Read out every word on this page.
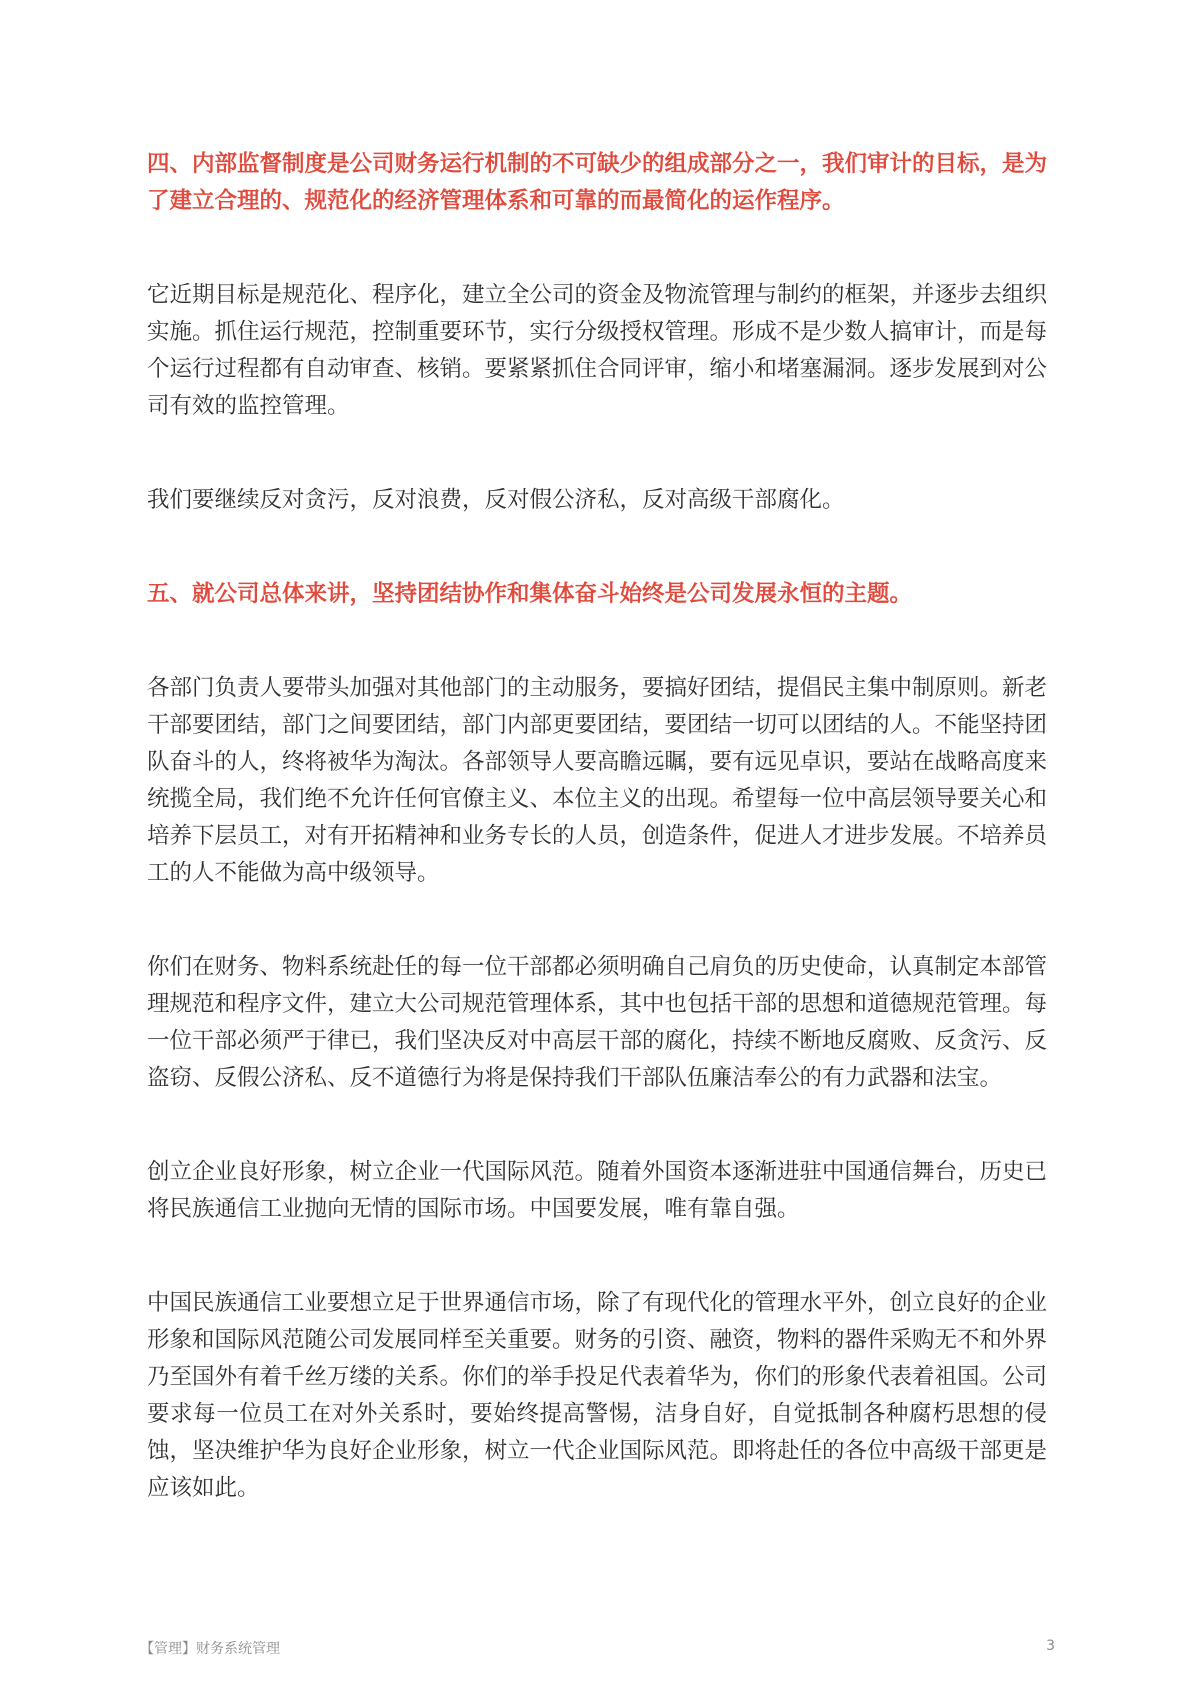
四、内部监督制度是公司财务运行机制的不可缺少的组成部分之一，我们审计的目标，是为了建立合理的、规范化的经济管理体系和可靠的而最简化的运作程序。

它近期目标是规范化、程序化，建立全公司的资金及物流管理与制约的框架，并逐步去组织实施。抓住运行规范，控制重要环节，实行分级授权管理。形成不是少数人搞审计，而是每个运行过程都有自动审查、核销。要紧紧抓住合同评审，缩小和堵塞漏洞。逐步发展到对公司有效的监控管理。

我们要继续反对贪污，反对浪费，反对假公济私，反对高级干部腐化。

五、就公司总体来讲，坚持团结协作和集体奋斗始终是公司发展永恒的主题。

各部门负责人要带头加强对其他部门的主动服务，要搞好团结，提倡民主集中制原则。新老干部要团结，部门之间要团结，部门内部更要团结，要团结一切可以团结的人。不能坚持团队奋斗的人，终将被华为淘汰。各部领导人要高瞻远瞩，要有远见卓识，要站在战略高度来统揽全局，我们绝不允许任何官僚主义、本位主义的出现。希望每一位中高层领导要关心和培养下层员工，对有开拓精神和业务专长的人员，创造条件，促进人才进步发展。不培养员工的人不能做为高中级领导。

你们在财务、物料系统赴任的每一位干部都必须明确自己肩负的历史使命，认真制定本部管理规范和程序文件，建立大公司规范管理体系，其中也包括干部的思想和道德规范管理。每一位干部必须严于律已，我们坚决反对中高层干部的腐化，持续不断地反腐败、反贪污、反盗窃、反假公济私、反不道德行为将是保持我们干部队伍廉洁奉公的有力武器和法宝。

创立企业良好形象，树立企业一代国际风范。随着外国资本逐渐进驻中国通信舞台，历史已将民族通信工业抛向无情的国际市场。中国要发展，唯有靠自强。

中国民族通信工业要想立足于世界通信市场，除了有现代化的管理水平外，创立良好的企业形象和国际风范随公司发展同样至关重要。财务的引资、融资，物料的器件采购无不和外界乃至国外有着千丝万缕的关系。你们的举手投足代表着华为，你们的形象代表着祖国。公司要求每一位员工在对外关系时，要始终提高警惕，洁身自好，自觉抵制各种腐朽思想的侵蚀，坚决维护华为良好企业形象，树立一代企业国际风范。即将赴任的各位中高级干部更是应该如此。

【管理】财务系统管理	3
